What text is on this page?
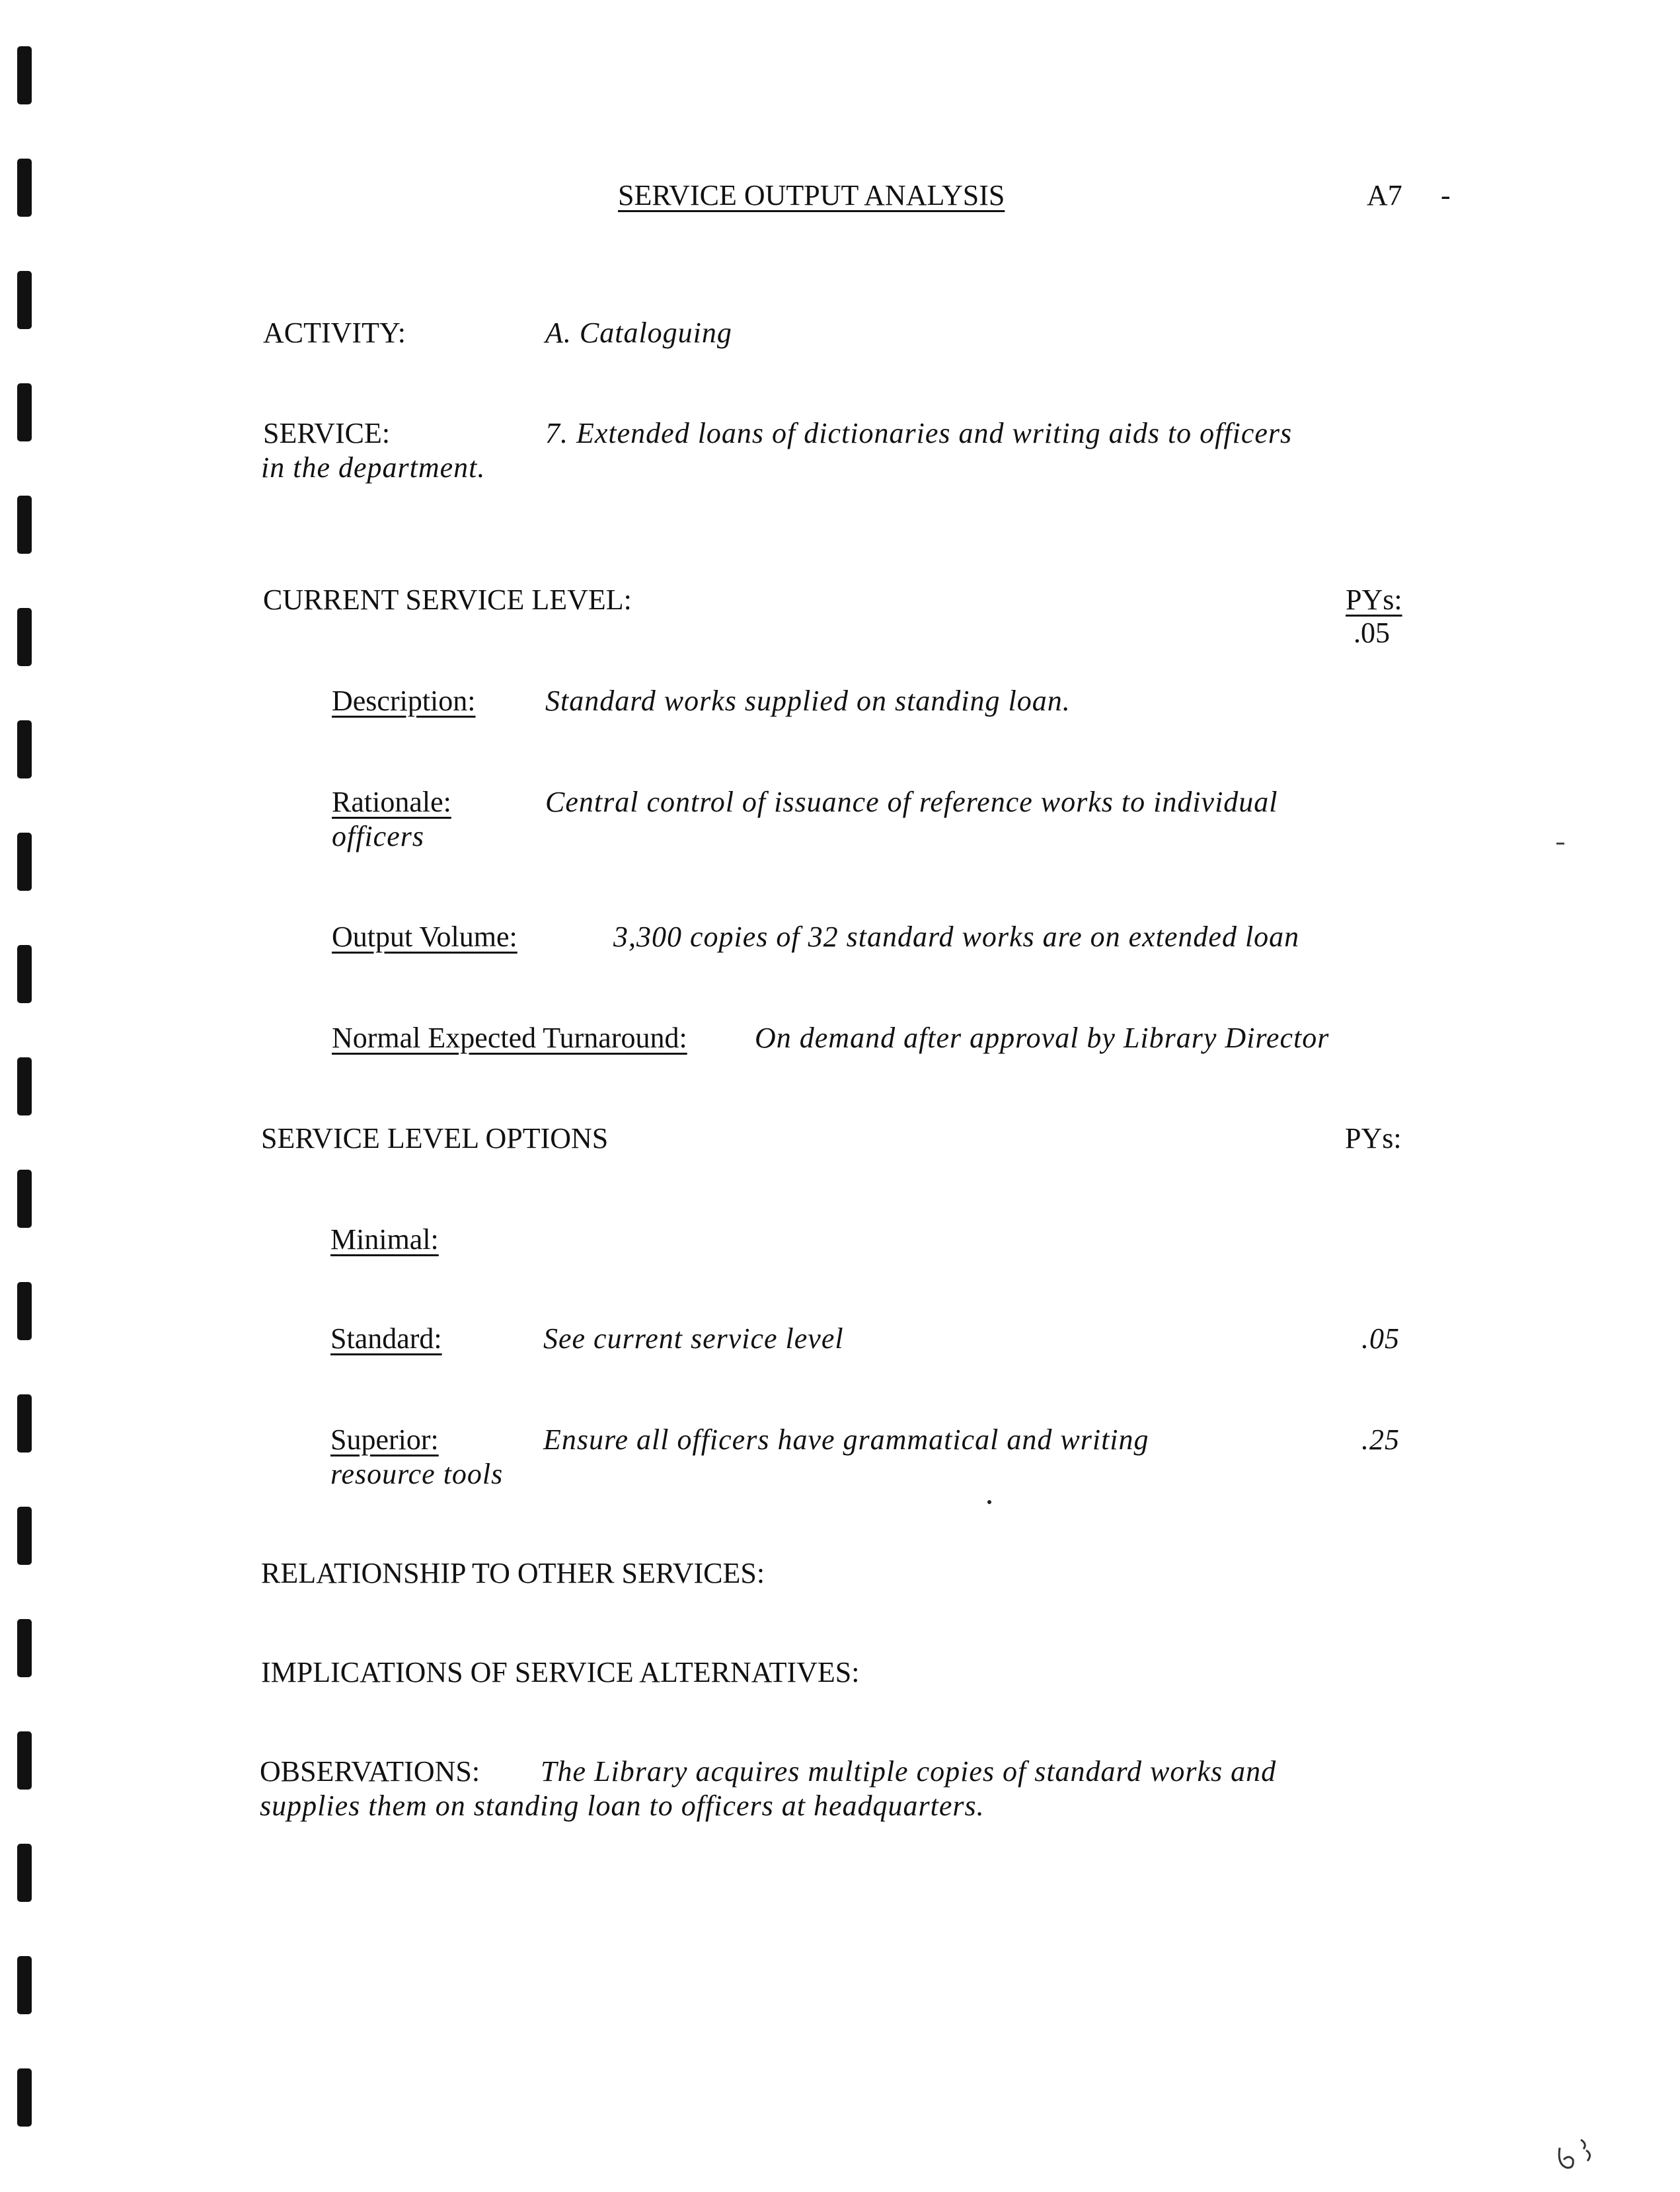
SERVICE OUTPUT ANALYSIS	A7 -
ACTIVITY:	A. Cataloguing
SERVICE:	7. Extended loans of dictionaries and writing aids to officers
in the department.
CURRENT SERVICE LEVEL:	PYs:
.05
Description: Standard works supplied on standing loan.
Rationale:	Central control of issuance of reference works to individual
officers
Output Volume:	3,300 copies of 32 standard works are on extended loan
Normal Expected Turnaround: On demand after approval by Library Director
SERVICE LEVEL OPTIONS	PYs:
Minimal:
Standard:	See current service level	.05
Superior:	Ensure all officers have grammatical and writing	.25
resource tools
RELATIONSHIP TO OTHER SERVICES:
IMPLICATIONS OF SERVICE ALTERNATIVES:
OBSERVATIONS: The Library acquires multiple copies of standard works and
supplies them on standing loan to officers at headquarters.
